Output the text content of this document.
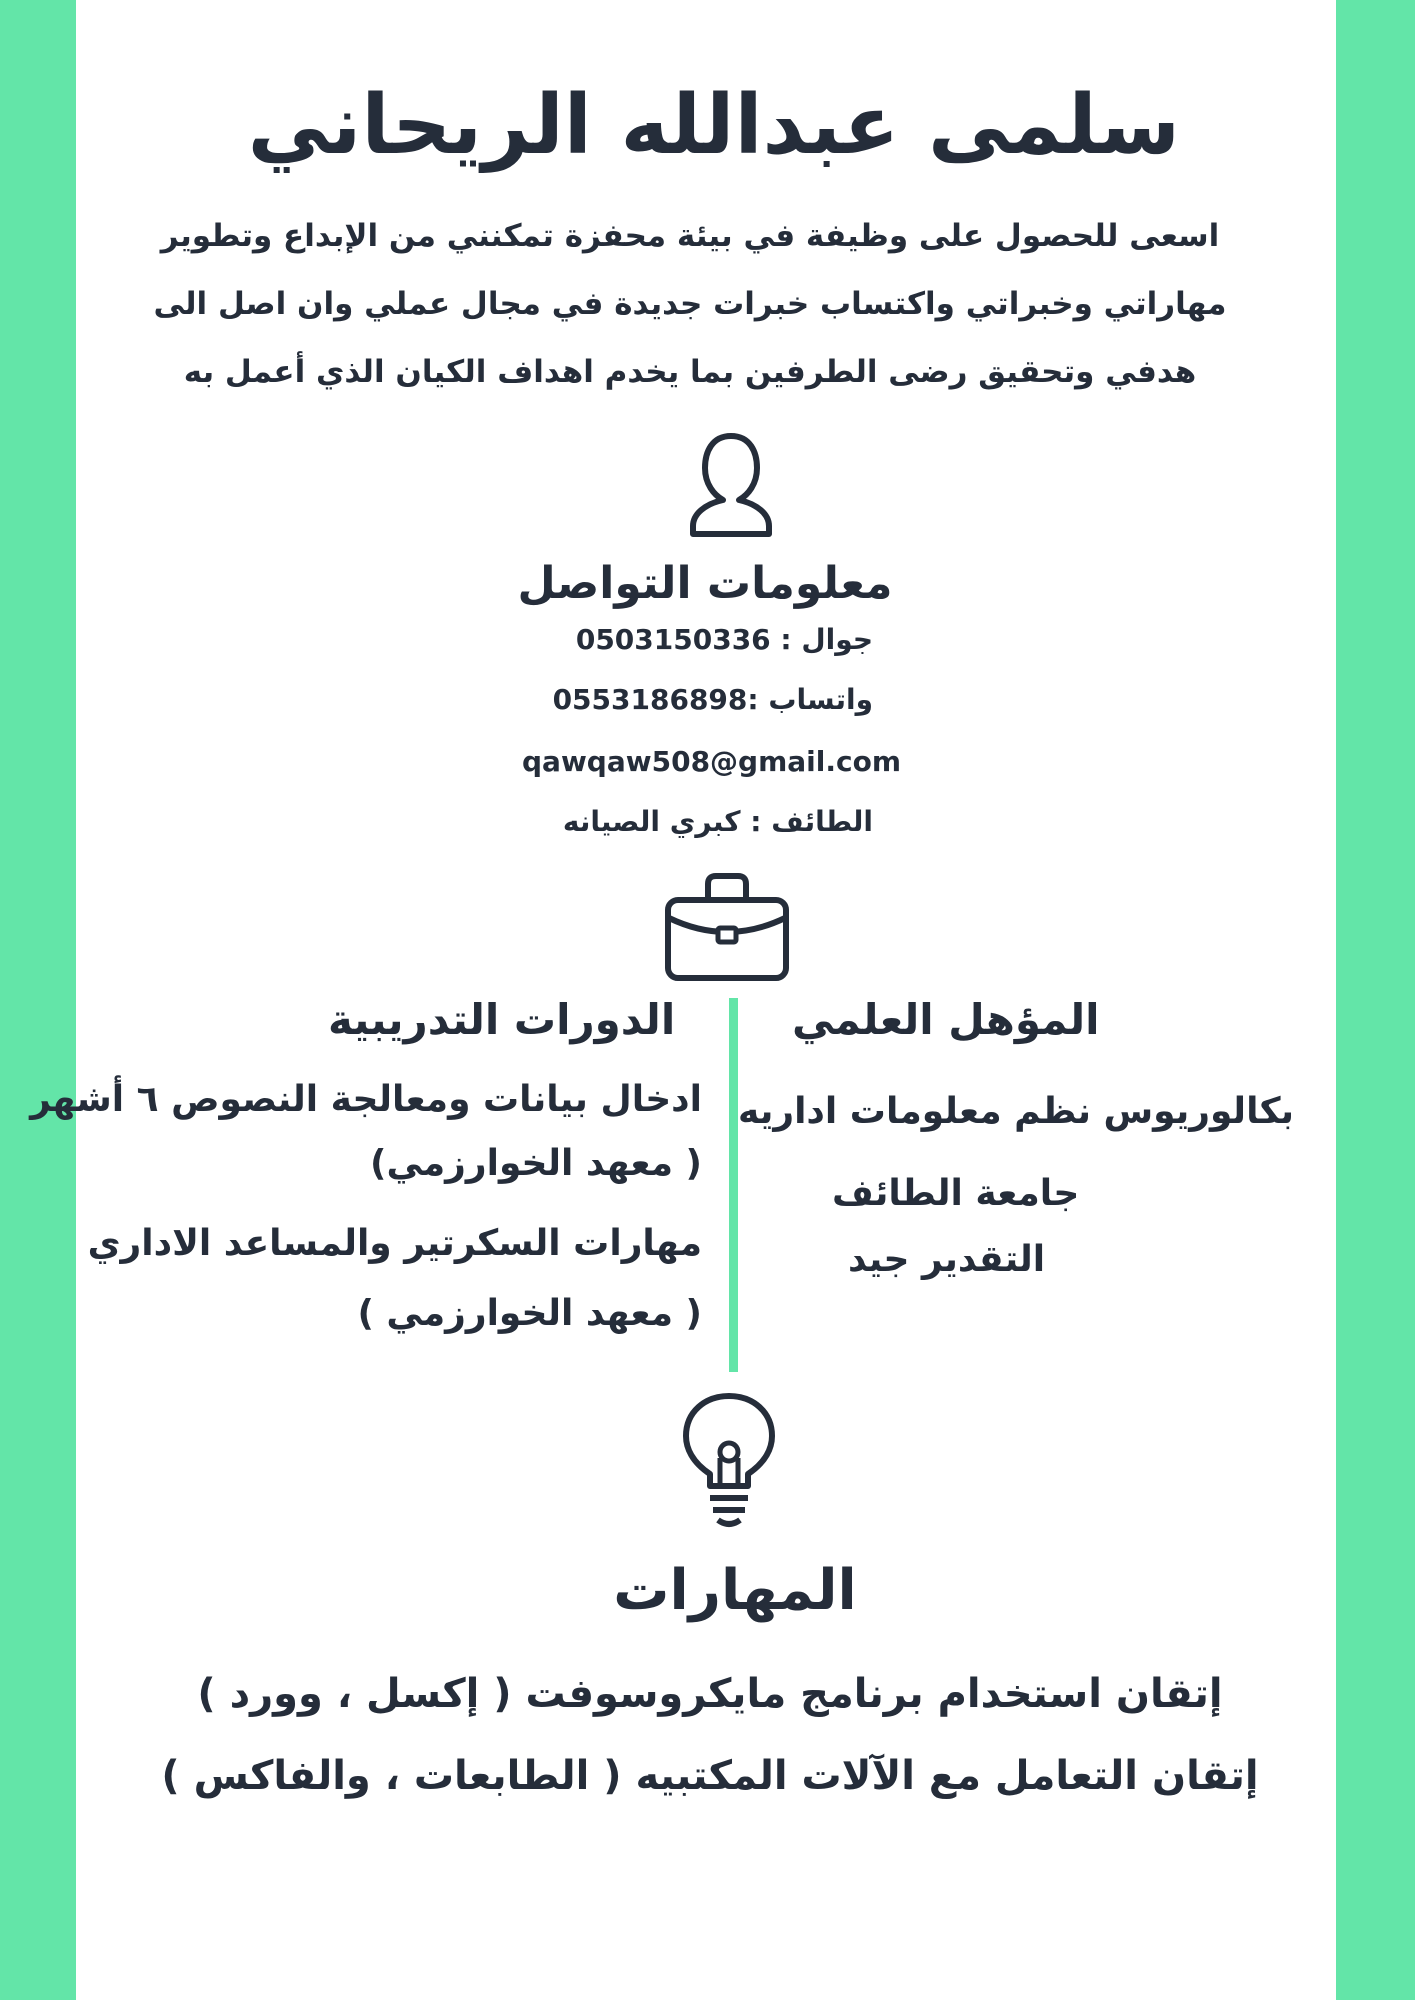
سلمى عبدالله الريحاني

اسعى للحصول على وظيفة في بيئة محفزة تمكنني من الإبداع وتطوير

مهاراتي وخبراتي واكتساب خبرات جديدة في مجال عملي وان اصل الى

هدفي وتحقيق رضى الطرفين بما يخدم اهداف الكيان الذي أعمل به

معلومات التواصل

جوال : 0503150336

واتساب :0553186898

qawqaw508@gmail.com

الطائف : كبري الصيانه

المؤهل العلمي

بكالوريوس نظم معلومات اداريه

جامعة الطائف

التقدير جيد

الدورات التدريبية

ادخال بيانات ومعالجة النصوص ٦ أشهر

( معهد الخوارزمي)

مهارات السكرتير والمساعد الاداري

( معهد الخوارزمي )

المهارات

إتقان استخدام برنامج مايكروسوفت ( إكسل ، وورد )

إتقان التعامل مع الآلات المكتبيه ( الطابعات ، والفاكس )
